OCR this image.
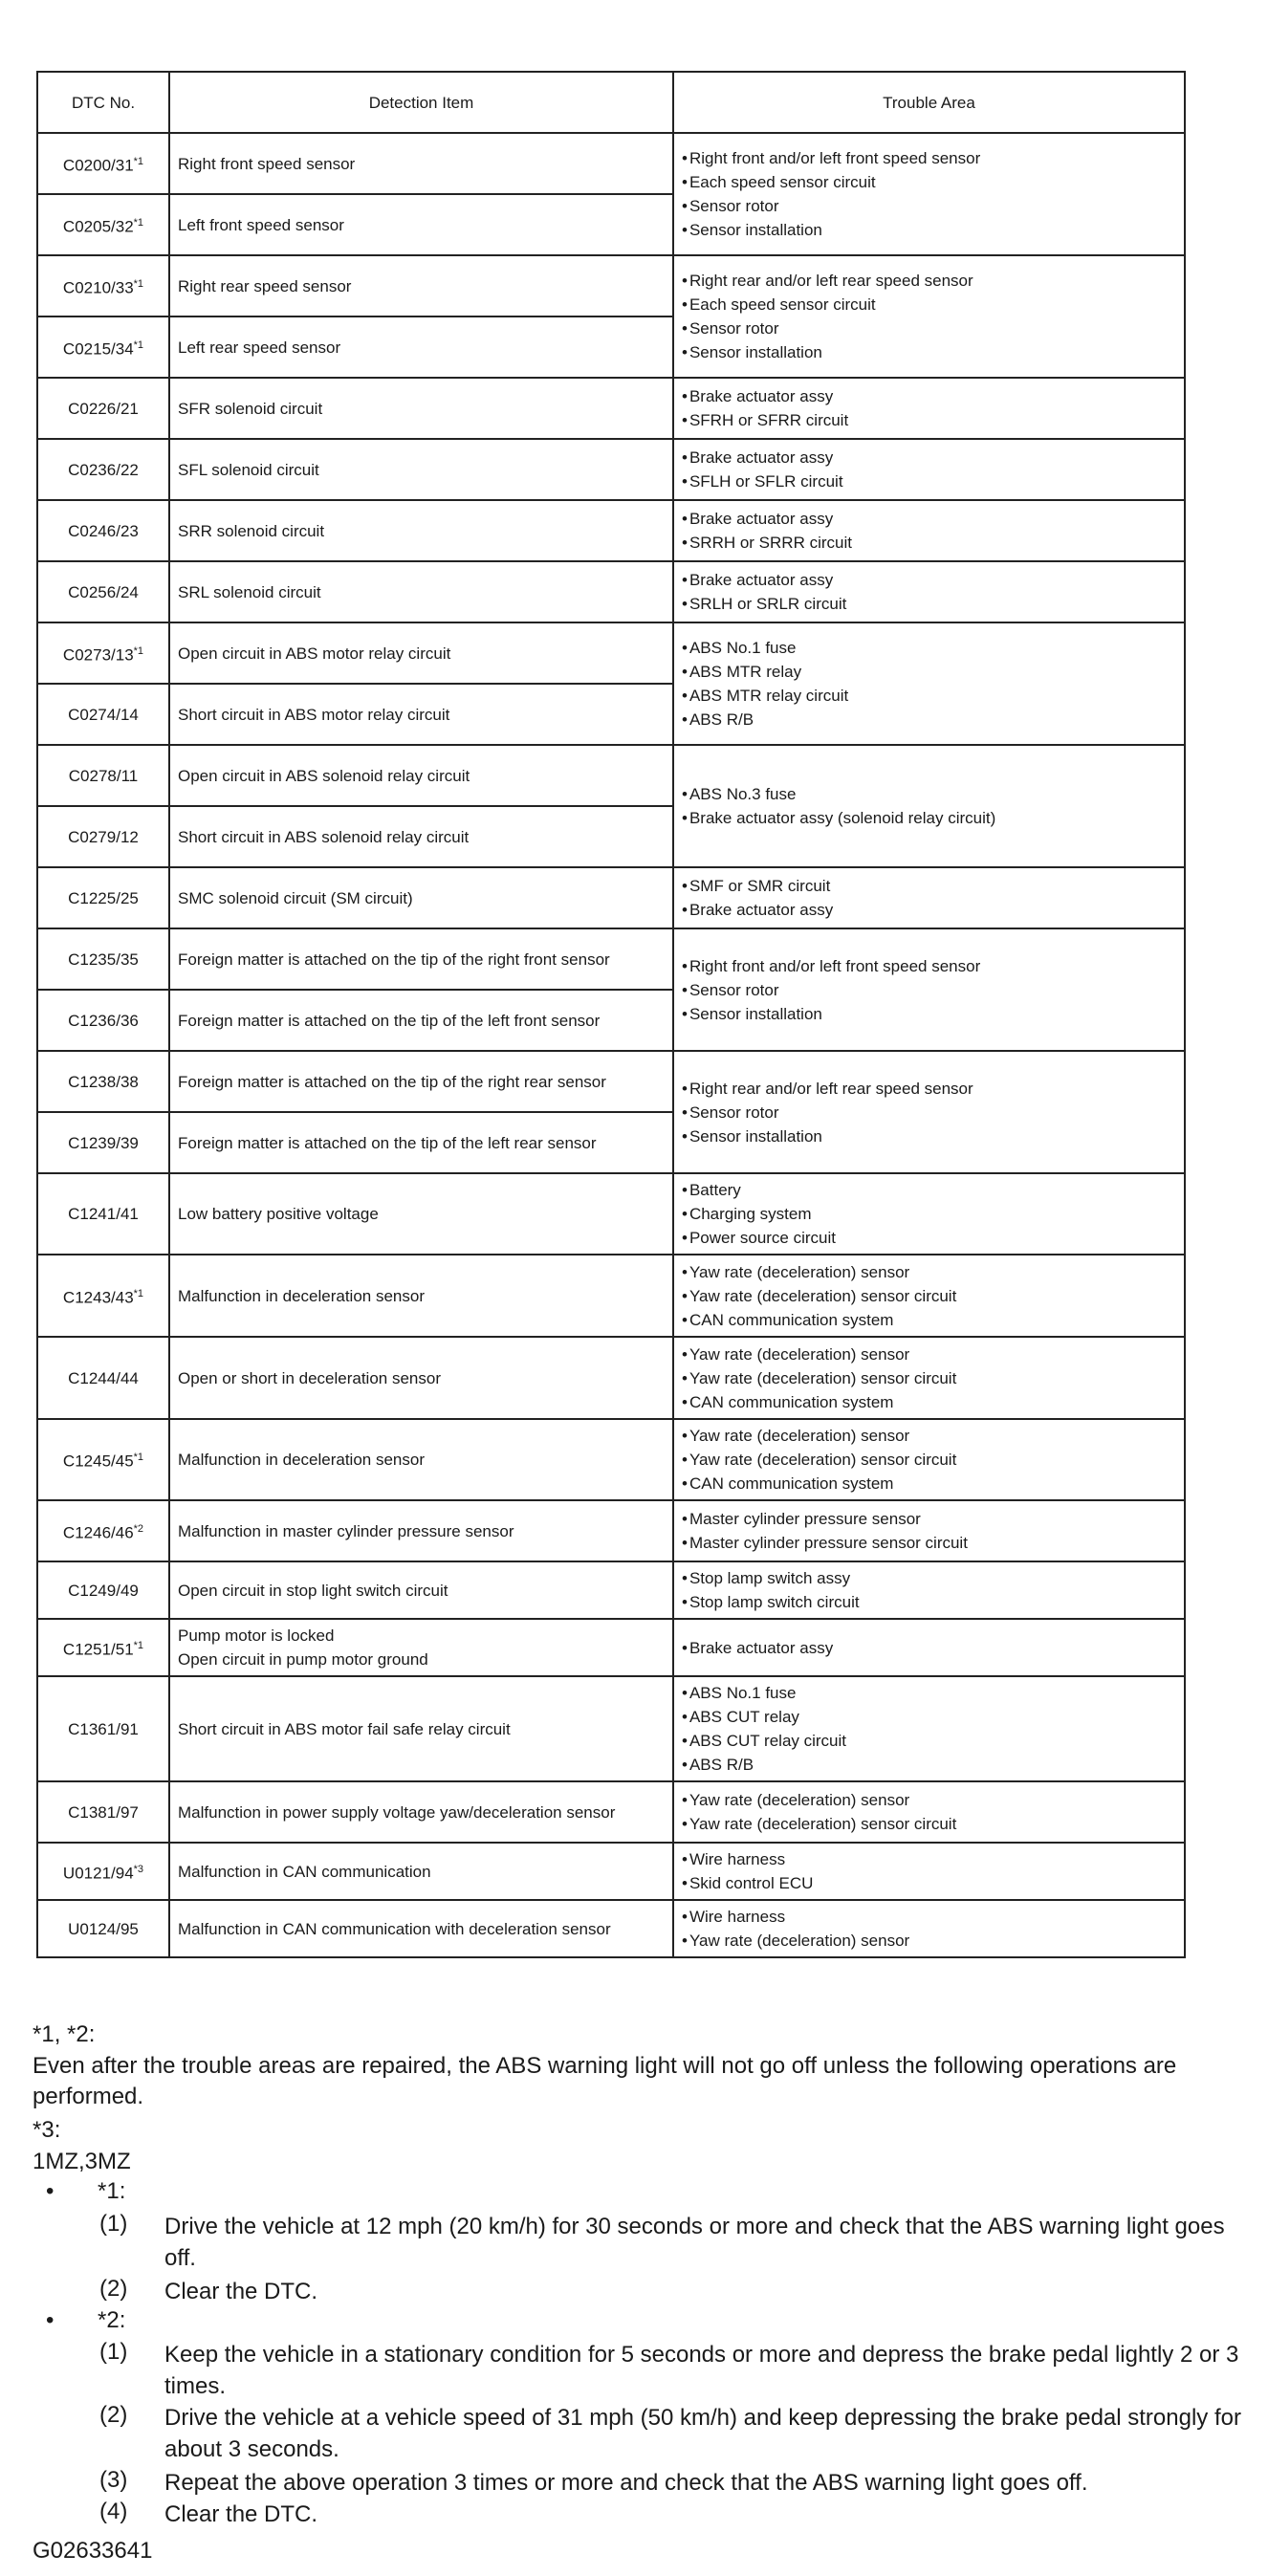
DTC No.	Detection Item	Trouble Area
C0200/31$^{*1}$	Right front speed sensor	• Right front and/or left front speed sensor
• Each speed sensor circuit
• Sensor rotor
• Sensor installation

C0205/32$^{*1}$	Left front speed sensor	
C0210/33$^{*1}$	Right rear speed sensor	• Right rear and/or left rear speed sensor
• Each speed sensor circuit
• Sensor rotor
• Sensor installation

C0215/34$^{*1}$	Left rear speed sensor	
C0226/21	SFR solenoid circuit	• Brake actuator assy
• SFRH or SFRR circuit

C0236/22	SFL solenoid circuit	• Brake actuator assy
• SFLH or SFLR circuit

C0246/23	SRR solenoid circuit	• Brake actuator assy
• SRRH or SRRR circuit

C0256/24	SRL solenoid circuit	• Brake actuator assy
• SRLH or SRLR circuit

C0273/13$^{*1}$	Open circuit in ABS motor relay circuit	• ABS No.1 fuse
• ABS MTR relay
• ABS MTR relay circuit
• ABS R/B

C0274/14	Short circuit in ABS motor relay circuit	
C0278/11	Open circuit in ABS solenoid relay circuit	• ABS No.3 fuse
• Brake actuator assy (solenoid relay circuit)

C0279/12	Short circuit in ABS solenoid relay circuit	
C1225/25	SMC solenoid circuit (SM circuit)	• SMF or SMR circuit
• Brake actuator assy

C1235/35	Foreign matter is attached on the tip of the right front sensor	• Right front and/or left front speed sensor
• Sensor rotor
• Sensor installation

C1236/36	Foreign matter is attached on the tip of the left front sensor	
C1238/38	Foreign matter is attached on the tip of the right rear sensor	• Right rear and/or left rear speed sensor
• Sensor rotor
• Sensor installation

C1239/39	Foreign matter is attached on the tip of the left rear sensor	
C1241/41	Low battery positive voltage	• Battery
• Charging system
• Power source circuit

C1243/43$^{*1}$	Malfunction in deceleration sensor	• Yaw rate (deceleration) sensor
• Yaw rate (deceleration) sensor circuit
• CAN communication system

C1244/44	Open or short in deceleration sensor	• Yaw rate (deceleration) sensor
• Yaw rate (deceleration) sensor circuit
• CAN communication system

C1245/45$^{*1}$	Malfunction in deceleration sensor	• Yaw rate (deceleration) sensor
• Yaw rate (deceleration) sensor circuit
• CAN communication system

C1246/46$^{*2}$	Malfunction in master cylinder pressure sensor	• Master cylinder pressure sensor
• Master cylinder pressure sensor circuit

C1249/49	Open circuit in stop light switch circuit	• Stop lamp switch assy
• Stop lamp switch circuit

C1251/51$^{*1}$	Pump motor is locked
Open circuit in pump motor ground	• Brake actuator assy

C1361/91	Short circuit in ABS motor fail safe relay circuit	• ABS No.1 fuse
• ABS CUT relay
• ABS CUT relay circuit
• ABS R/B

C1381/97	Malfunction in power supply voltage yaw/deceleration sensor	• Yaw rate (deceleration) sensor
• Yaw rate (deceleration) sensor circuit

U0121/94$^{*3}$	Malfunction in CAN communication	• Wire harness
• Skid control ECU

U0124/95	Malfunction in CAN communication with deceleration sensor	• Wire harness
• Yaw rate (deceleration) sensor
*1, *2:
Even after the trouble areas are repaired, the ABS warning light will not go off unless the following operations are performed.
*3:
1MZ,3MZ
• *1:
(1) Drive the vehicle at 12 mph (20 km/h) for 30 seconds or more and check that the ABS warning light goes off.
(2) Clear the DTC.
• *2:
(1) Keep the vehicle in a stationary condition for 5 seconds or more and depress the brake pedal lightly 2 or 3 times.
(2) Drive the vehicle at a vehicle speed of 31 mph (50 km/h) and keep depressing the brake pedal strongly for about 3 seconds.
(3) Repeat the above operation 3 times or more and check that the ABS warning light goes off.
(4) Clear the DTC.
G02633641
